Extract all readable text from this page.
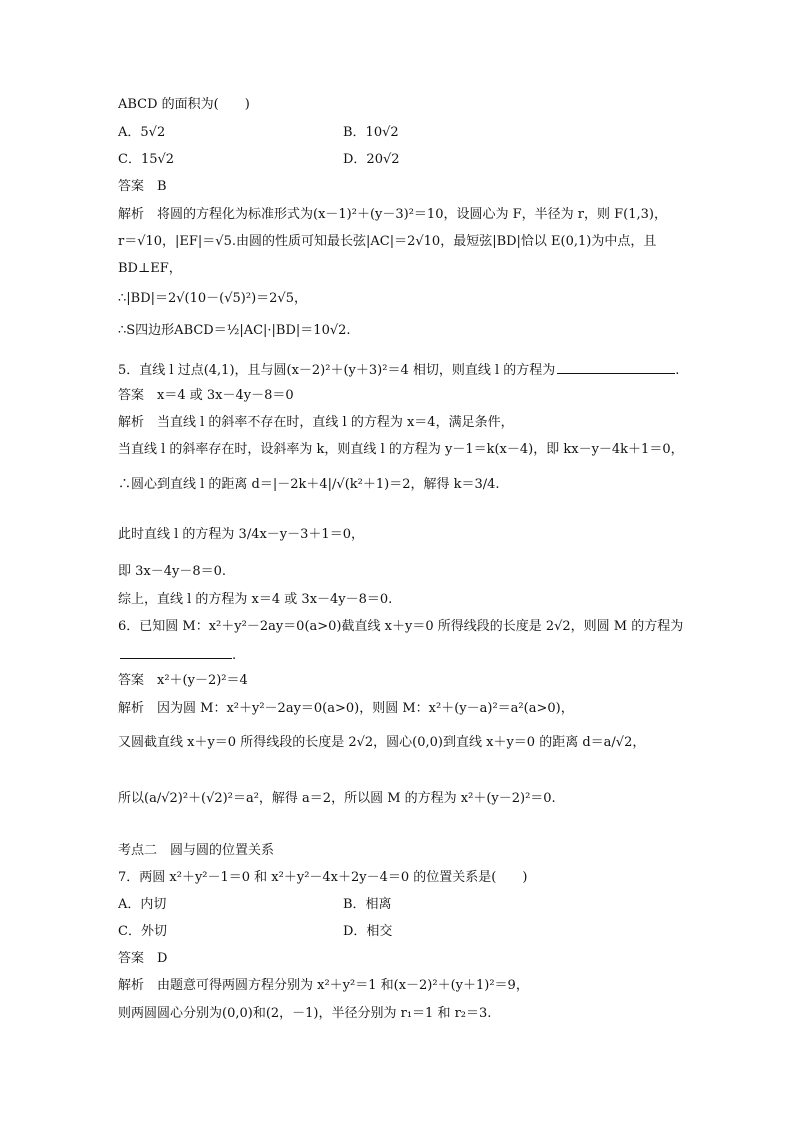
ABCD 的面积为(　　)
答案　B
解析　将圆的方程化为标准形式为(x－1)²＋(y－3)²＝10，设圆心为 F，半径为 r，则 F(1,3)，
r＝√10，|EF|＝√5.由圆的性质可知最长弦|AC|＝2√10，最短弦|BD|恰以 E(0,1)为中点，且
BD⊥EF，
∴|BD|＝2√(10－(√5)²)＝2√5，
∴S四边形ABCD＝½|AC|·|BD|＝10√2.
5．直线 l 过点(4,1)，且与圆(x－2)²＋(y＋3)²＝4 相切，则直线 l 的方程为	.
答案　x＝4 或 3x－4y－8＝0
解析　当直线 l 的斜率不存在时，直线 l 的方程为 x＝4，满足条件，
当直线 l 的斜率存在时，设斜率为 k，则直线 l 的方程为 y－1＝k(x－4)，即 kx－y－4k＋1＝0，
∴圆心到直线 l 的距离 d＝|－2k＋4|/√(k²＋1)＝2，解得 k＝3/4.
此时直线 l 的方程为 3/4x－y－3＋1＝0，
即 3x－4y－8＝0.
综上，直线 l 的方程为 x＝4 或 3x－4y－8＝0.
6．已知圆 M：x²＋y²－2ay＝0(a>0)截直线 x＋y＝0 所得线段的长度是 2√2，则圆 M 的方程为
.
答案　x²＋(y－2)²＝4
解析　因为圆 M：x²＋y²－2ay＝0(a>0)，则圆 M：x²＋(y－a)²＝a²(a>0)，
又圆截直线 x＋y＝0 所得线段的长度是 2√2，圆心(0,0)到直线 x＋y＝0 的距离 d＝a/√2，
所以(a/√2)²＋(√2)²＝a²，解得 a＝2，所以圆 M 的方程为 x²＋(y－2)²＝0.
考点二　圆与圆的位置关系
7．两圆 x²＋y²－1＝0 和 x²＋y²－4x＋2y－4＝0 的位置关系是(　　)
答案　D
解析　由题意可得两圆方程分别为 x²＋y²＝1 和(x－2)²＋(y＋1)²＝9，
则两圆圆心分别为(0,0)和(2，－1)，半径分别为 r₁＝1 和 r₂＝3.
A．5√2	B．10√2
C．15√2	D．20√2
A．内切	B．相离
C．外切	D．相交
